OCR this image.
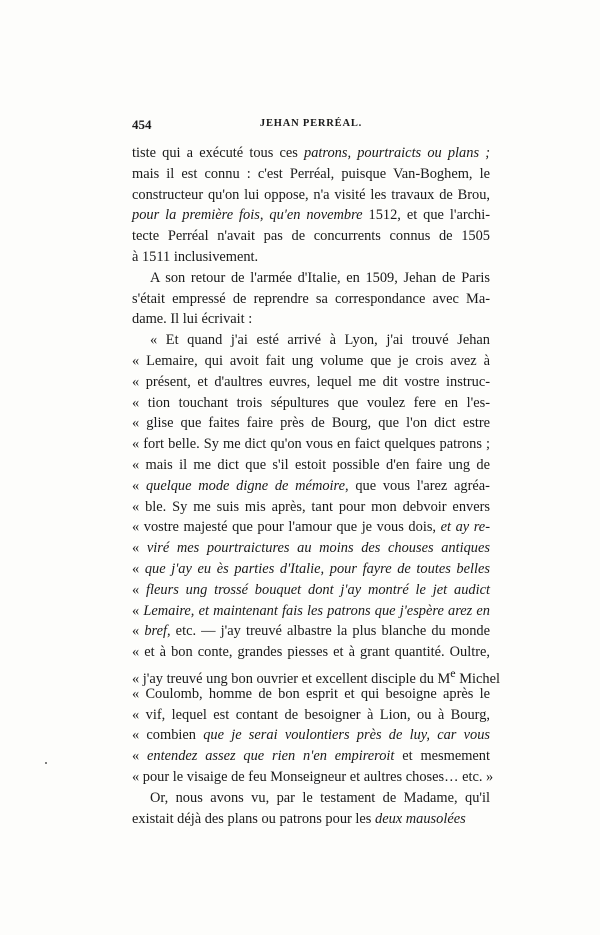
454	JEHAN PERRÉAL.
tiste qui a exécuté tous ces patrons, pourtraicts ou plans ;
mais il est connu : c'est Perréal, puisque Van-Boghem, le
constructeur qu'on lui oppose, n'a visité les travaux de Brou,
pour la première fois, qu'en novembre 1512, et que l'archi-
tecte Perréal n'avait pas de concurrents connus de 1505
à 1511 inclusivement.
A son retour de l'armée d'Italie, en 1509, Jehan de Paris
s'était empressé de reprendre sa correspondance avec Ma-
dame. Il lui écrivait :
« Et quand j'ai esté arrivé à Lyon, j'ai trouvé Jehan
« Lemaire, qui avoit fait ung volume que je crois avez à
« présent, et d'aultres euvres, lequel me dit vostre instruc-
« tion touchant trois sépultures que voulez fere en l'es-
« glise que faites faire près de Bourg, que l'on dict estre
« fort belle. Sy me dict qu'on vous en faict quelques patrons ;
« mais il me dict que s'il estoit possible d'en faire ung de
« quelque mode digne de mémoire, que vous l'arez agréa-
« ble. Sy me suis mis après, tant pour mon debvoir envers
« vostre majesté que pour l'amour que je vous dois, et ay re-
« viré mes pourtraictures au moins des chouses antiques
« que j'ay eu ès parties d'Italie, pour fayre de toutes belles
« fleurs ung trossé bouquet dont j'ay montré le jet audict
« Lemaire, et maintenant fais les patrons que j'espère arez en
« bref, etc. — j'ay treuvé albastre la plus blanche du monde
« et à bon conte, grandes piesses et à grant quantité. Oultre,
« j'ay treuvé ung bon ouvrier et excellent disciple du Me Michel
« Coulomb, homme de bon esprit et qui besoigne après le
« vif, lequel est contant de besoigner à Lion, ou à Bourg,
« combien que je serai voulontiers près de luy, car vous
« entendez assez que rien n'en empireroit et mesmement
« pour le visaige de feu Monseigneur et aultres choses… etc. »
Or, nous avons vu, par le testament de Madame, qu'il
existait déjà des plans ou patrons pour les deux mausolées
